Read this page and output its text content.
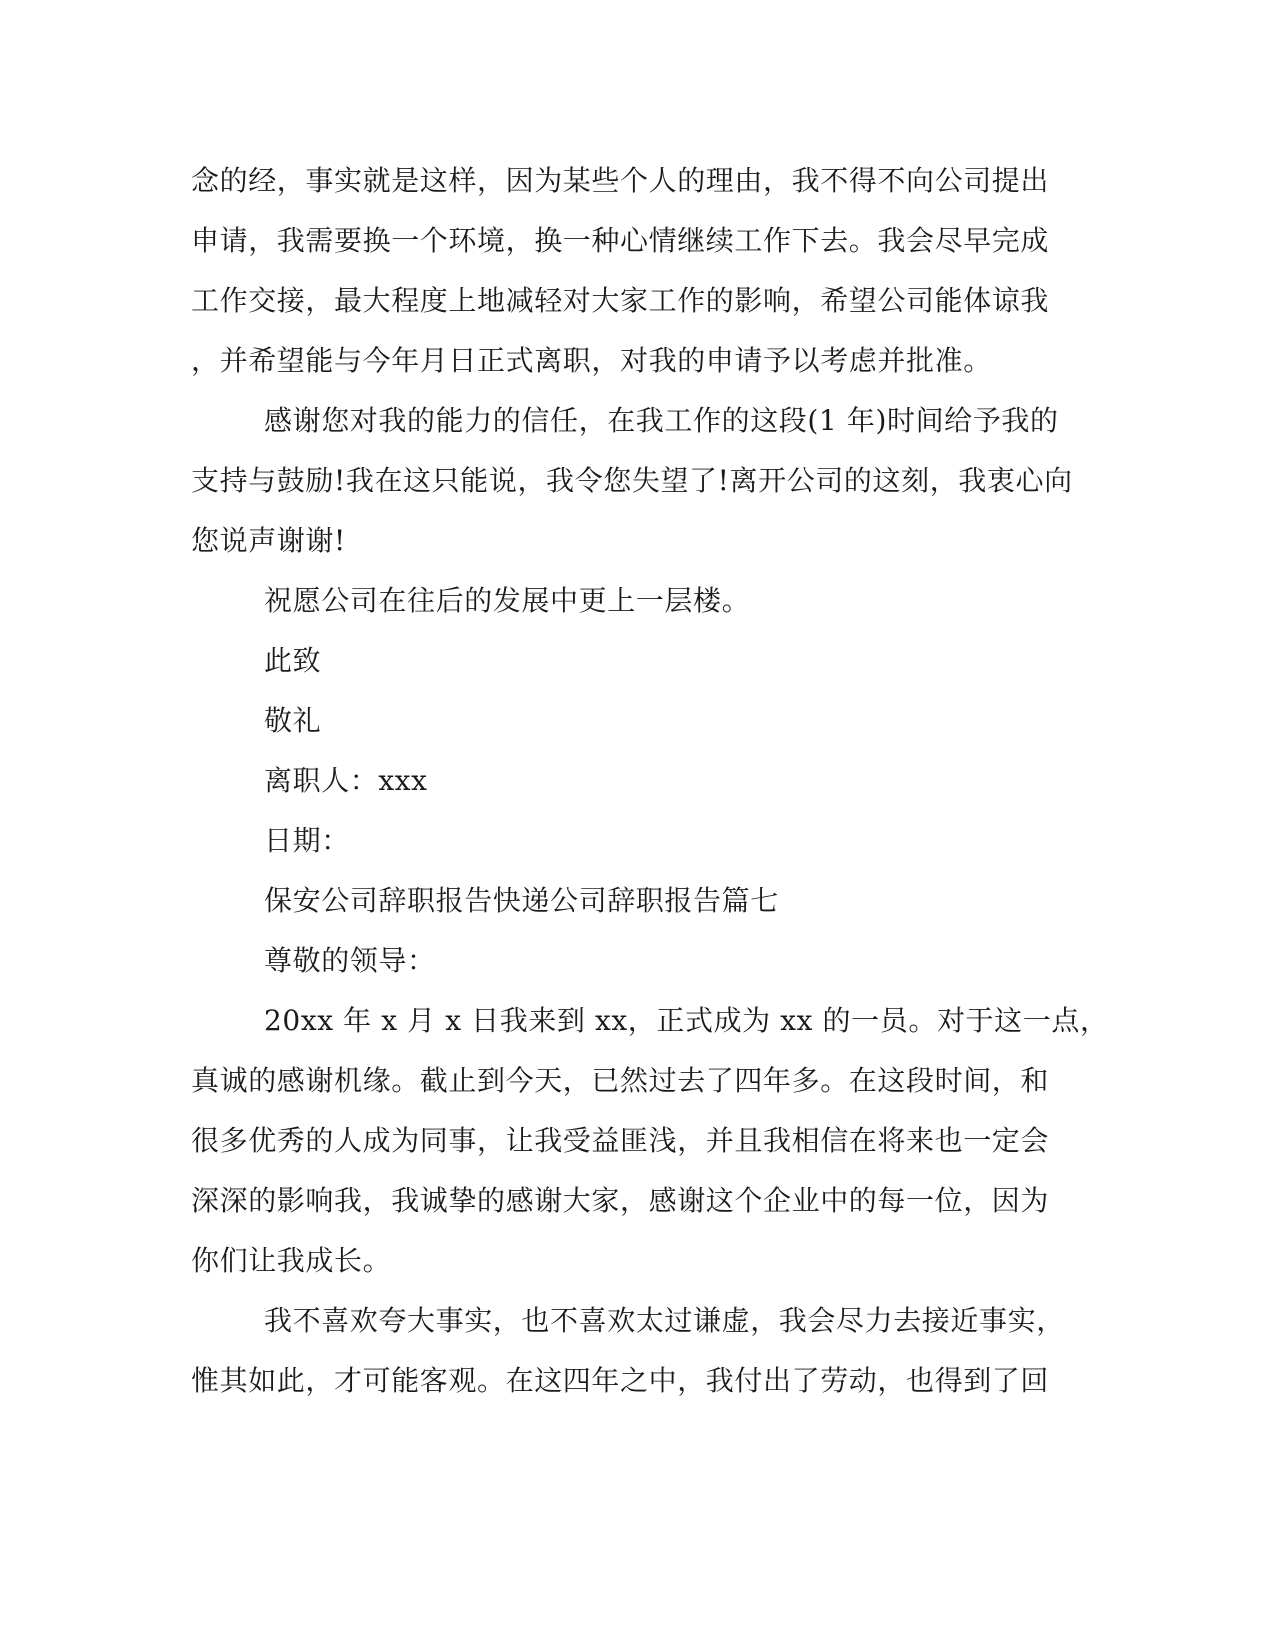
念的经，事实就是这样，因为某些个人的理由，我不得不向公司提出
申请，我需要换一个环境，换一种心情继续工作下去。我会尽早完成
工作交接，最大程度上地减轻对大家工作的影响，希望公司能体谅我
，并希望能与今年月日正式离职，对我的申请予以考虑并批准。
感谢您对我的能力的信任，在我工作的这段(1 年)时间给予我的
支持与鼓励!我在这只能说，我令您失望了!离开公司的这刻，我衷心向
您说声谢谢!
祝愿公司在往后的发展中更上一层楼。
此致
敬礼
离职人：xxx
日期：
保安公司辞职报告快递公司辞职报告篇七
尊敬的领导：
20xx 年 x 月 x 日我来到 xx，正式成为 xx 的一员。对于这一点，
真诚的感谢机缘。截止到今天，已然过去了四年多。在这段时间，和
很多优秀的人成为同事，让我受益匪浅，并且我相信在将来也一定会
深深的影响我，我诚挚的感谢大家，感谢这个企业中的每一位，因为
你们让我成长。
我不喜欢夸大事实，也不喜欢太过谦虚，我会尽力去接近事实，
惟其如此，才可能客观。在这四年之中，我付出了劳动，也得到了回
